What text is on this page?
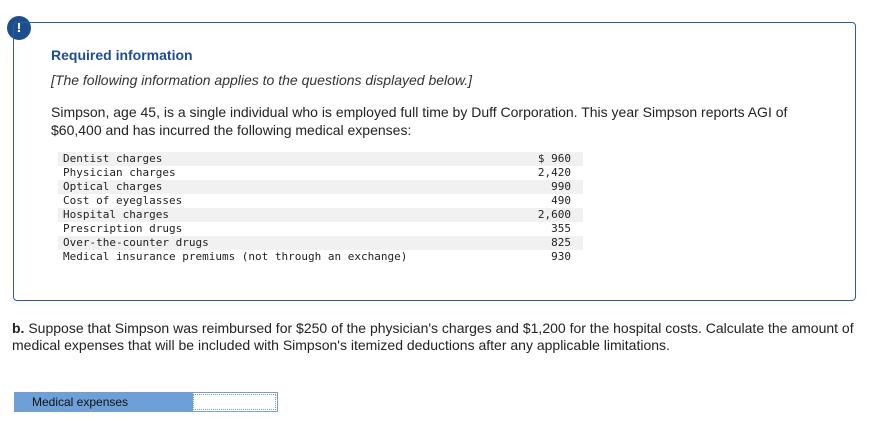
!
Required information

[The following information applies to the questions displayed below.]

Simpson, age 45, is a single individual who is employed full time by Duff Corporation. This year Simpson reports AGI of $60,400 and has incurred the following medical expenses:

Dentist charges	$ 960
Physician charges	2,420
Optical charges	990
Cost of eyeglasses	490
Hospital charges	2,600
Prescription drugs	355
Over-the-counter drugs	825
Medical insurance premiums (not through an exchange)	930

b. Suppose that Simpson was reimbursed for $250 of the physician's charges and $1,200 for the hospital costs. Calculate the amount of medical expenses that will be included with Simpson's itemized deductions after any applicable limitations.

Medical expenses
